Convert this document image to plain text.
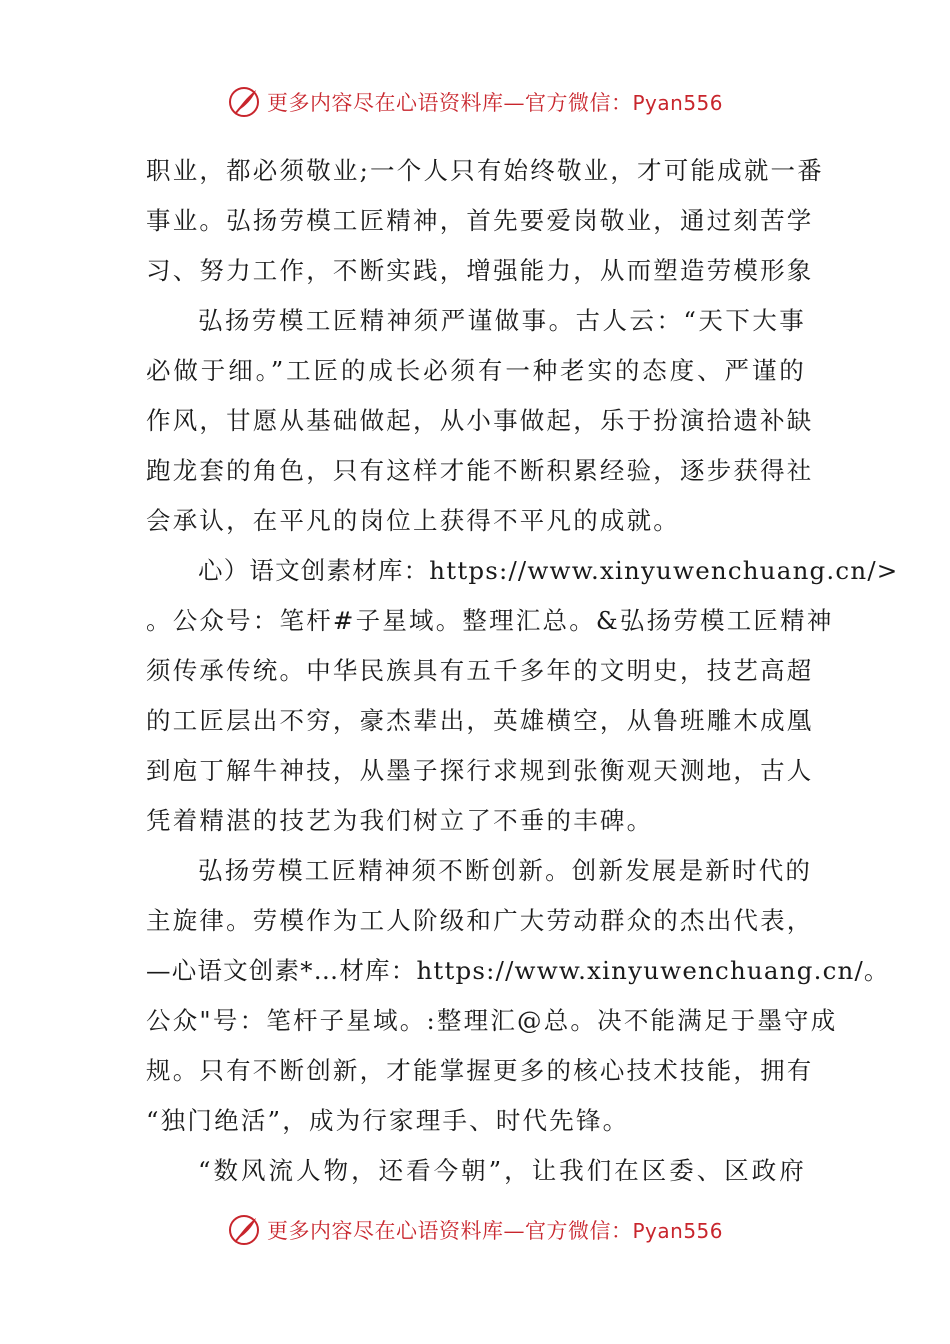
更多内容尽在心语资料库—官方微信：Pyan556
职业，都必须敬业;一个人只有始终敬业，才可能成就一番
事业。弘扬劳模工匠精神，首先要爱岗敬业，通过刻苦学
习、努力工作，不断实践，增强能力，从而塑造劳模形象
弘扬劳模工匠精神须严谨做事。古人云：“天下大事
必做于细。”工匠的成长必须有一种老实的态度、严谨的
作风，甘愿从基础做起，从小事做起，乐于扮演拾遗补缺
跑龙套的角色，只有这样才能不断积累经验，逐步获得社
会承认，在平凡的岗位上获得不平凡的成就。
心）语文创素材库：https://www.xinyuwenchuang.cn/>
。公众号：笔杆#子星域。整理汇总。&弘扬劳模工匠精神
须传承传统。中华民族具有五千多年的文明史，技艺高超
的工匠层出不穷，豪杰辈出，英雄横空，从鲁班雕木成凰
到庖丁解牛神技，从墨子探行求规到张衡观天测地，古人
凭着精湛的技艺为我们树立了不垂的丰碑。
弘扬劳模工匠精神须不断创新。创新发展是新时代的
主旋律。劳模作为工人阶级和广大劳动群众的杰出代表，
—心语文创素*…材库：https://www.xinyuwenchuang.cn/。
公众"号：笔杆子星域。:整理汇@总。决不能满足于墨守成
规。只有不断创新，才能掌握更多的核心技术技能，拥有
“独门绝活”，成为行家理手、时代先锋。
“数风流人物，还看今朝”，让我们在区委、区政府
更多内容尽在心语资料库—官方微信：Pyan556
